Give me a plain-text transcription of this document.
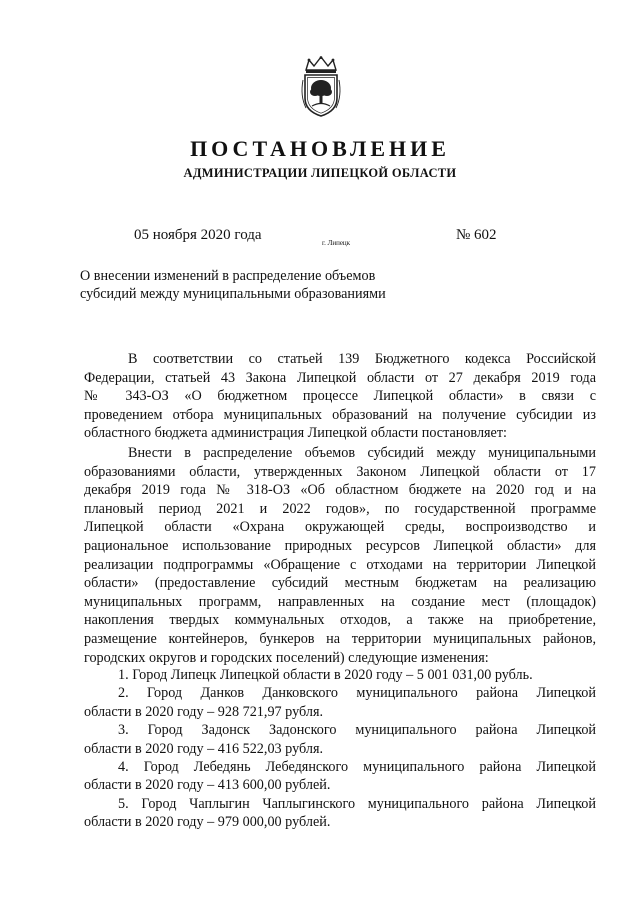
ПОСТАНОВЛЕНИЕ
АДМИНИСТРАЦИИ ЛИПЕЦКОЙ ОБЛАСТИ
05 ноября 2020 года	г. Липецк	№ 602
О внесении изменений в распределение объемов
субсидий между муниципальными образованиями
В соответствии со статьей 139 Бюджетного кодекса Российской
Федерации, статьей 43 Закона Липецкой области от 27 декабря 2019 года
№ 343-ОЗ «О бюджетном процессе Липецкой области» в связи с
проведением отбора муниципальных образований на получение субсидии из
областного бюджета администрация Липецкой области постановляет:
Внести в распределение объемов субсидий между муниципальными
образованиями области, утвержденных Законом Липецкой области от 17
декабря 2019 года № 318-ОЗ «Об областном бюджете на 2020 год и на
плановый период 2021 и 2022 годов», по государственной программе
Липецкой области «Охрана окружающей среды, воспроизводство и
рациональное использование природных ресурсов Липецкой области» для
реализации подпрограммы «Обращение с отходами на территории Липецкой
области» (предоставление субсидий местным бюджетам на реализацию
муниципальных программ, направленных на создание мест (площадок)
накопления твердых коммунальных отходов, а также на приобретение,
размещение контейнеров, бункеров на территории муниципальных районов,
городских округов и городских поселений) следующие изменения:
1. Город Липецк Липецкой области в 2020 году – 5 001 031,00 рубль.
2. Город Данков Данковского муниципального района Липецкой
области в 2020 году – 928 721,97 рубля.
3. Город Задонск Задонского муниципального района Липецкой
области в 2020 году – 416 522,03 рубля.
4. Город Лебедянь Лебедянского муниципального района Липецкой
области в 2020 году – 413 600,00 рублей.
5. Город Чаплыгин Чаплыгинского муниципального района Липецкой
области в 2020 году – 979 000,00 рублей.
